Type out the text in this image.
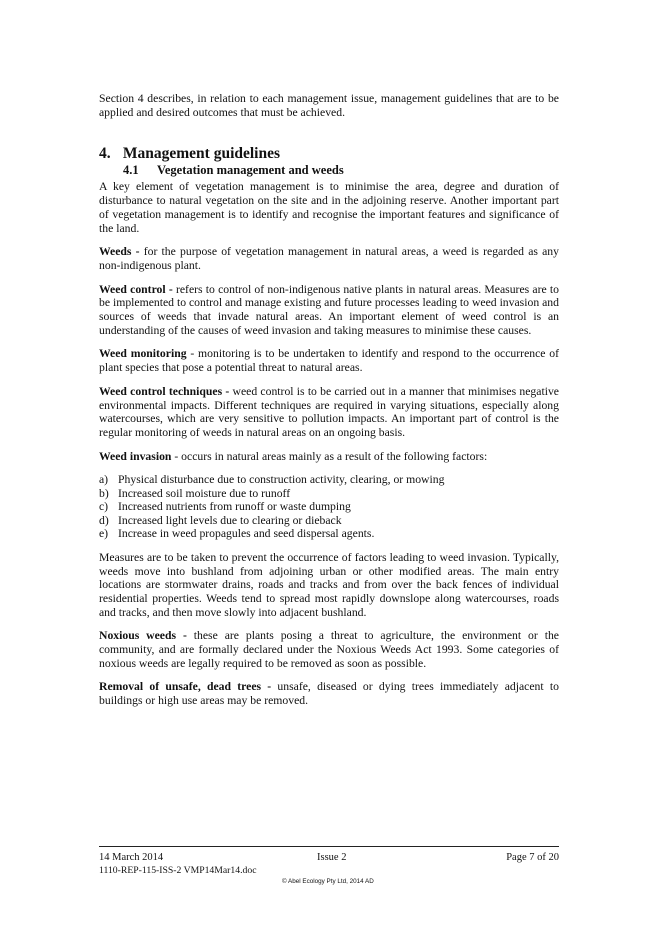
Section 4 describes, in relation to each management issue, management guidelines that are to be applied and desired outcomes that must be achieved.

4. Management guidelines
4.1 Vegetation management and weeds

A key element of vegetation management is to minimise the area, degree and duration of disturbance to natural vegetation on the site and in the adjoining reserve. Another important part of vegetation management is to identify and recognise the important features and significance of the land.

Weeds - for the purpose of vegetation management in natural areas, a weed is regarded as any non-indigenous plant.

Weed control - refers to control of non-indigenous native plants in natural areas. Measures are to be implemented to control and manage existing and future processes leading to weed invasion and sources of weeds that invade natural areas. An important element of weed control is an understanding of the causes of weed invasion and taking measures to minimise these causes.

Weed monitoring - monitoring is to be undertaken to identify and respond to the occurrence of plant species that pose a potential threat to natural areas.

Weed control techniques - weed control is to be carried out in a manner that minimises negative environmental impacts. Different techniques are required in varying situations, especially along watercourses, which are very sensitive to pollution impacts. An important part of control is the regular monitoring of weeds in natural areas on an ongoing basis.

Weed invasion - occurs in natural areas mainly as a result of the following factors:

a) Physical disturbance due to construction activity, clearing, or mowing
b) Increased soil moisture due to runoff
c) Increased nutrients from runoff or waste dumping
d) Increased light levels due to clearing or dieback
e) Increase in weed propagules and seed dispersal agents.

Measures are to be taken to prevent the occurrence of factors leading to weed invasion. Typically, weeds move into bushland from adjoining urban or other modified areas. The main entry locations are stormwater drains, roads and tracks and from over the back fences of individual residential properties. Weeds tend to spread most rapidly downslope along watercourses, roads and tracks, and then move slowly into adjacent bushland.

Noxious weeds - these are plants posing a threat to agriculture, the environment or the community, and are formally declared under the Noxious Weeds Act 1993. Some categories of noxious weeds are legally required to be removed as soon as possible.

Removal of unsafe, dead trees - unsafe, diseased or dying trees immediately adjacent to buildings or high use areas may be removed.

14 March 2014
1110-REP-115-ISS-2 VMP14Mar14.doc
Issue 2	Page 7 of 20
© Abel Ecology Pty Ltd, 2014 AD
